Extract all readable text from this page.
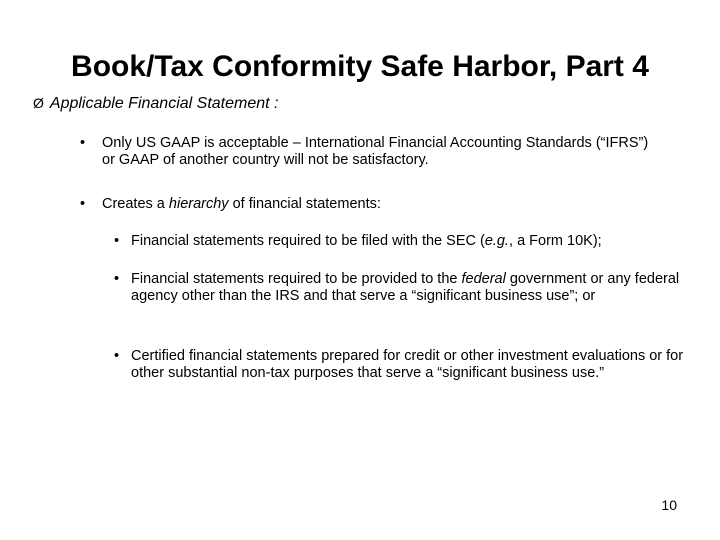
Book/Tax Conformity Safe Harbor, Part 4
Ø Applicable Financial Statement :
• Only US GAAP is acceptable – International Financial Accounting Standards (“IFRS”) or GAAP of another country will not be satisfactory.
• Creates a hierarchy of financial statements:
• Financial statements required to be filed with the SEC (e.g., a Form 10K);
• Financial statements required to be provided to the federal government or any federal agency other than the IRS and that serve a “significant business use”; or
• Certified financial statements prepared for credit or other investment evaluations or for other substantial non-tax purposes that serve a “significant business use.”
10
